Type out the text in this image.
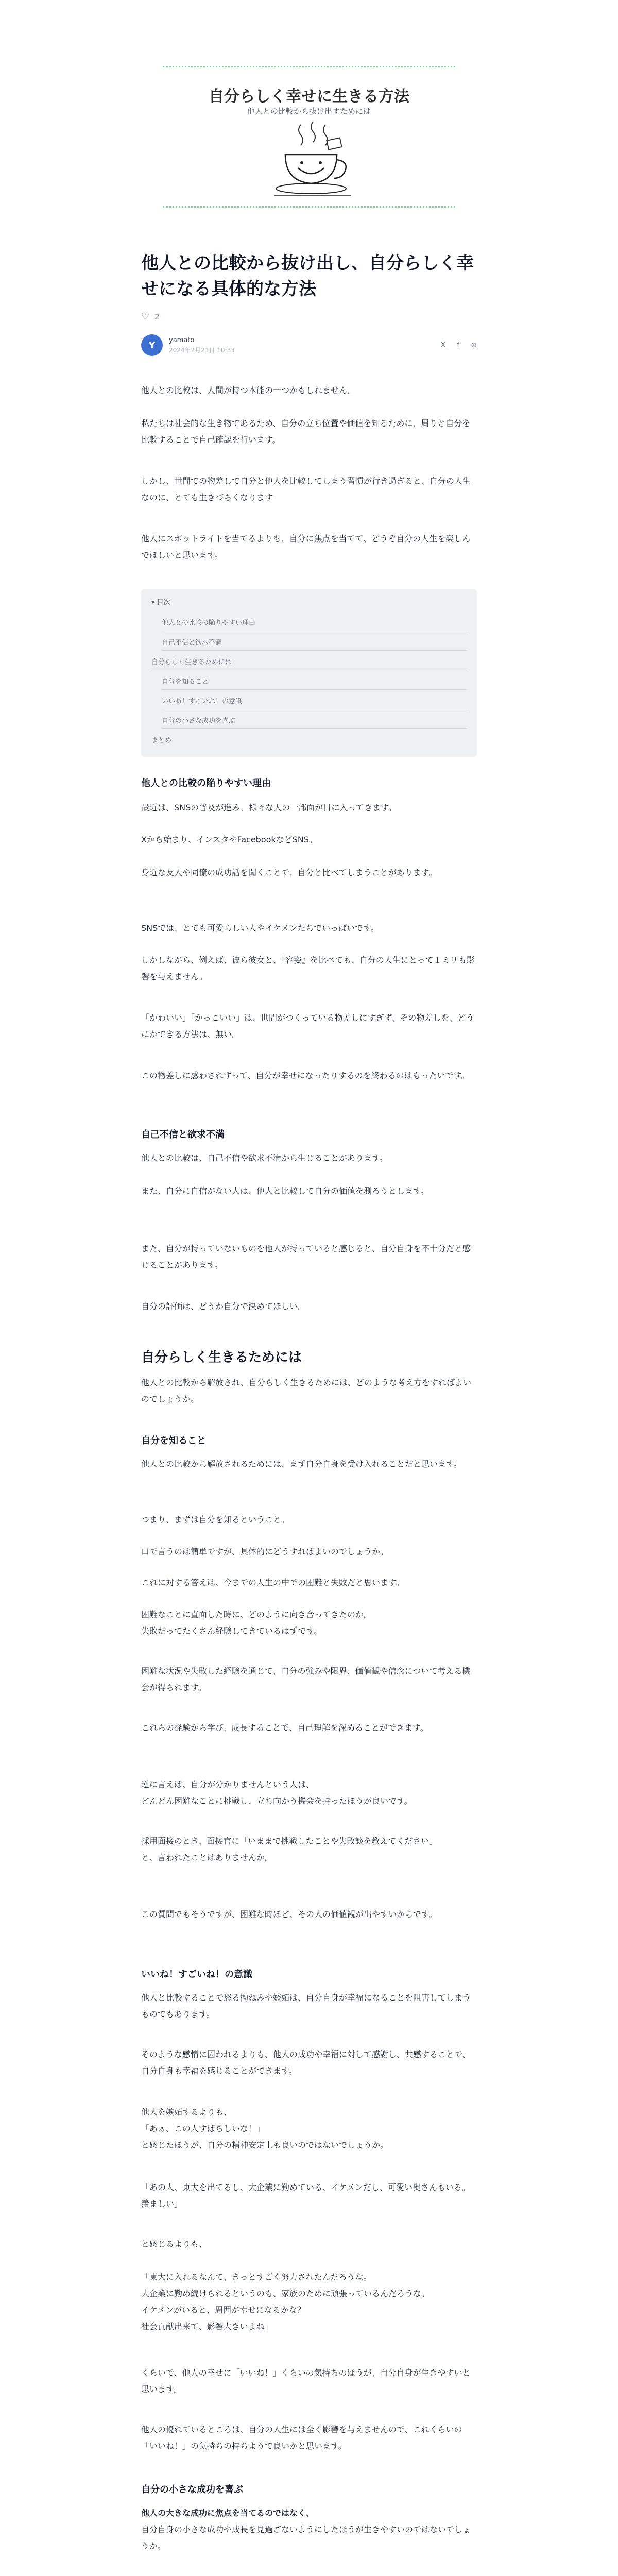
自分らしく幸せに生きる方法
他人との比較から抜け出すためには
他人との比較から抜け出し、自分らしく幸せになる具体的な方法
♡ 2
Y	yamato
2024年2月21日 10:33
X f ⊕

他人との比較は、人間が持つ本能の一つかもしれません。

私たちは社会的な生き物であるため、自分の立ち位置や価値を知るために、周りと自分を比較することで自己確認を行います。

しかし、世間での物差しで自分と他人を比較してしまう習慣が行き過ぎると、自分の人生なのに、とても生きづらくなります

他人にスポットライトを当てるよりも、自分に焦点を当てて、どうぞ自分の人生を楽しんでほしいと思います。

▾ 目次
他人との比較の陥りやすい理由
自己不信と欲求不満
自分らしく生きるためには
自分を知ること
いいね！すごいね！の意識
自分の小さな成功を喜ぶ
まとめ
他人との比較の陥りやすい理由

最近は、SNSの普及が進み、様々な人の一部面が目に入ってきます。

Xから始まり、インスタやFacebookなどSNS。

身近な友人や同僚の成功話を聞くことで、自分と比べてしまうことがあります。

SNSでは、とても可愛らしい人やイケメンたちでいっぱいです。

しかしながら、例えば、彼ら彼女と、『容姿』を比べても、自分の人生にとって１ミリも影響を与えません。

「かわいい」「かっこいい」は、世間がつくっている物差しにすぎず、その物差しを、どうにかできる方法は、無い。

この物差しに惑わされずって、自分が幸せになったりするのを終わるのはもったいです。

自己不信と欲求不満

他人との比較は、自己不信や欲求不満から生じることがあります。

また、自分に自信がない人は、他人と比較して自分の価値を測ろうとします。

また、自分が持っていないものを他人が持っていると感じると、自分自身を不十分だと感じることがあります。

自分の評価は、どうか自分で決めてほしい。

自分らしく生きるためには

他人との比較から解放され、自分らしく生きるためには、どのような考え方をすればよいのでしょうか。

自分を知ること

他人との比較から解放されるためには、まず自分自身を受け入れることだと思います。

つまり、まずは自分を知るということ。

口で言うのは簡単ですが、具体的にどうすればよいのでしょうか。

これに対する答えは、今までの人生の中での困難と失敗だと思います。

困難なことに直面した時に、どのように向き合ってきたのか。
失敗だってたくさん経験してきているはずです。

困難な状況や失敗した経験を通じて、自分の強みや限界、価値観や信念について考える機会が得られます。

これらの経験から学び、成長することで、自己理解を深めることができます。

逆に言えば、自分が分かりませんという人は、
どんどん困難なことに挑戦し、立ち向かう機会を持ったほうが良いです。

採用面接のとき、面接官に「いままで挑戦したことや失敗談を教えてください」
と、言われたことはありませんか。

この質問でもそうですが、困難な時ほど、その人の価値観が出やすいからです。

いいね！すごいね！の意識

他人と比較することで怒る拗ねみや嫉妬は、自分自身が幸福になることを阻害してしまうものでもあります。

そのような感情に囚われるよりも、他人の成功や幸福に対して感謝し、共感することで、自分自身も幸福を感じることができます。

他人を嫉妬するよりも、
「あぁ、この人すばらしいな！」
と感じたほうが、自分の精神安定上も良いのではないでしょうか。

「あの人、東大を出てるし、大企業に勤めている、イケメンだし、可愛い奥さんもいる。羨ましい」

と感じるよりも、

「東大に入れるなんて、きっとすごく努力されたんだろうな。
大企業に勤め続けられるというのも、家族のために頑張っているんだろうな。
イケメンがいると、周囲が幸せになるかな？
社会貢献出来て、影響大きいよね」

くらいで、他人の幸せに「いいね！」くらいの気持ちのほうが、自分自身が生きやすいと思います。

他人の優れているところは、自分の人生には全く影響を与えませんので、これくらいの「いいね！」の気持ちの持ちようで良いかと思います。

自分の小さな成功を喜ぶ

他人の大きな成功に焦点を当てるのではなく、

自分自身の小さな成功や成長を見過ごないようにしたほうが生きやすいのではないでしょうか。
